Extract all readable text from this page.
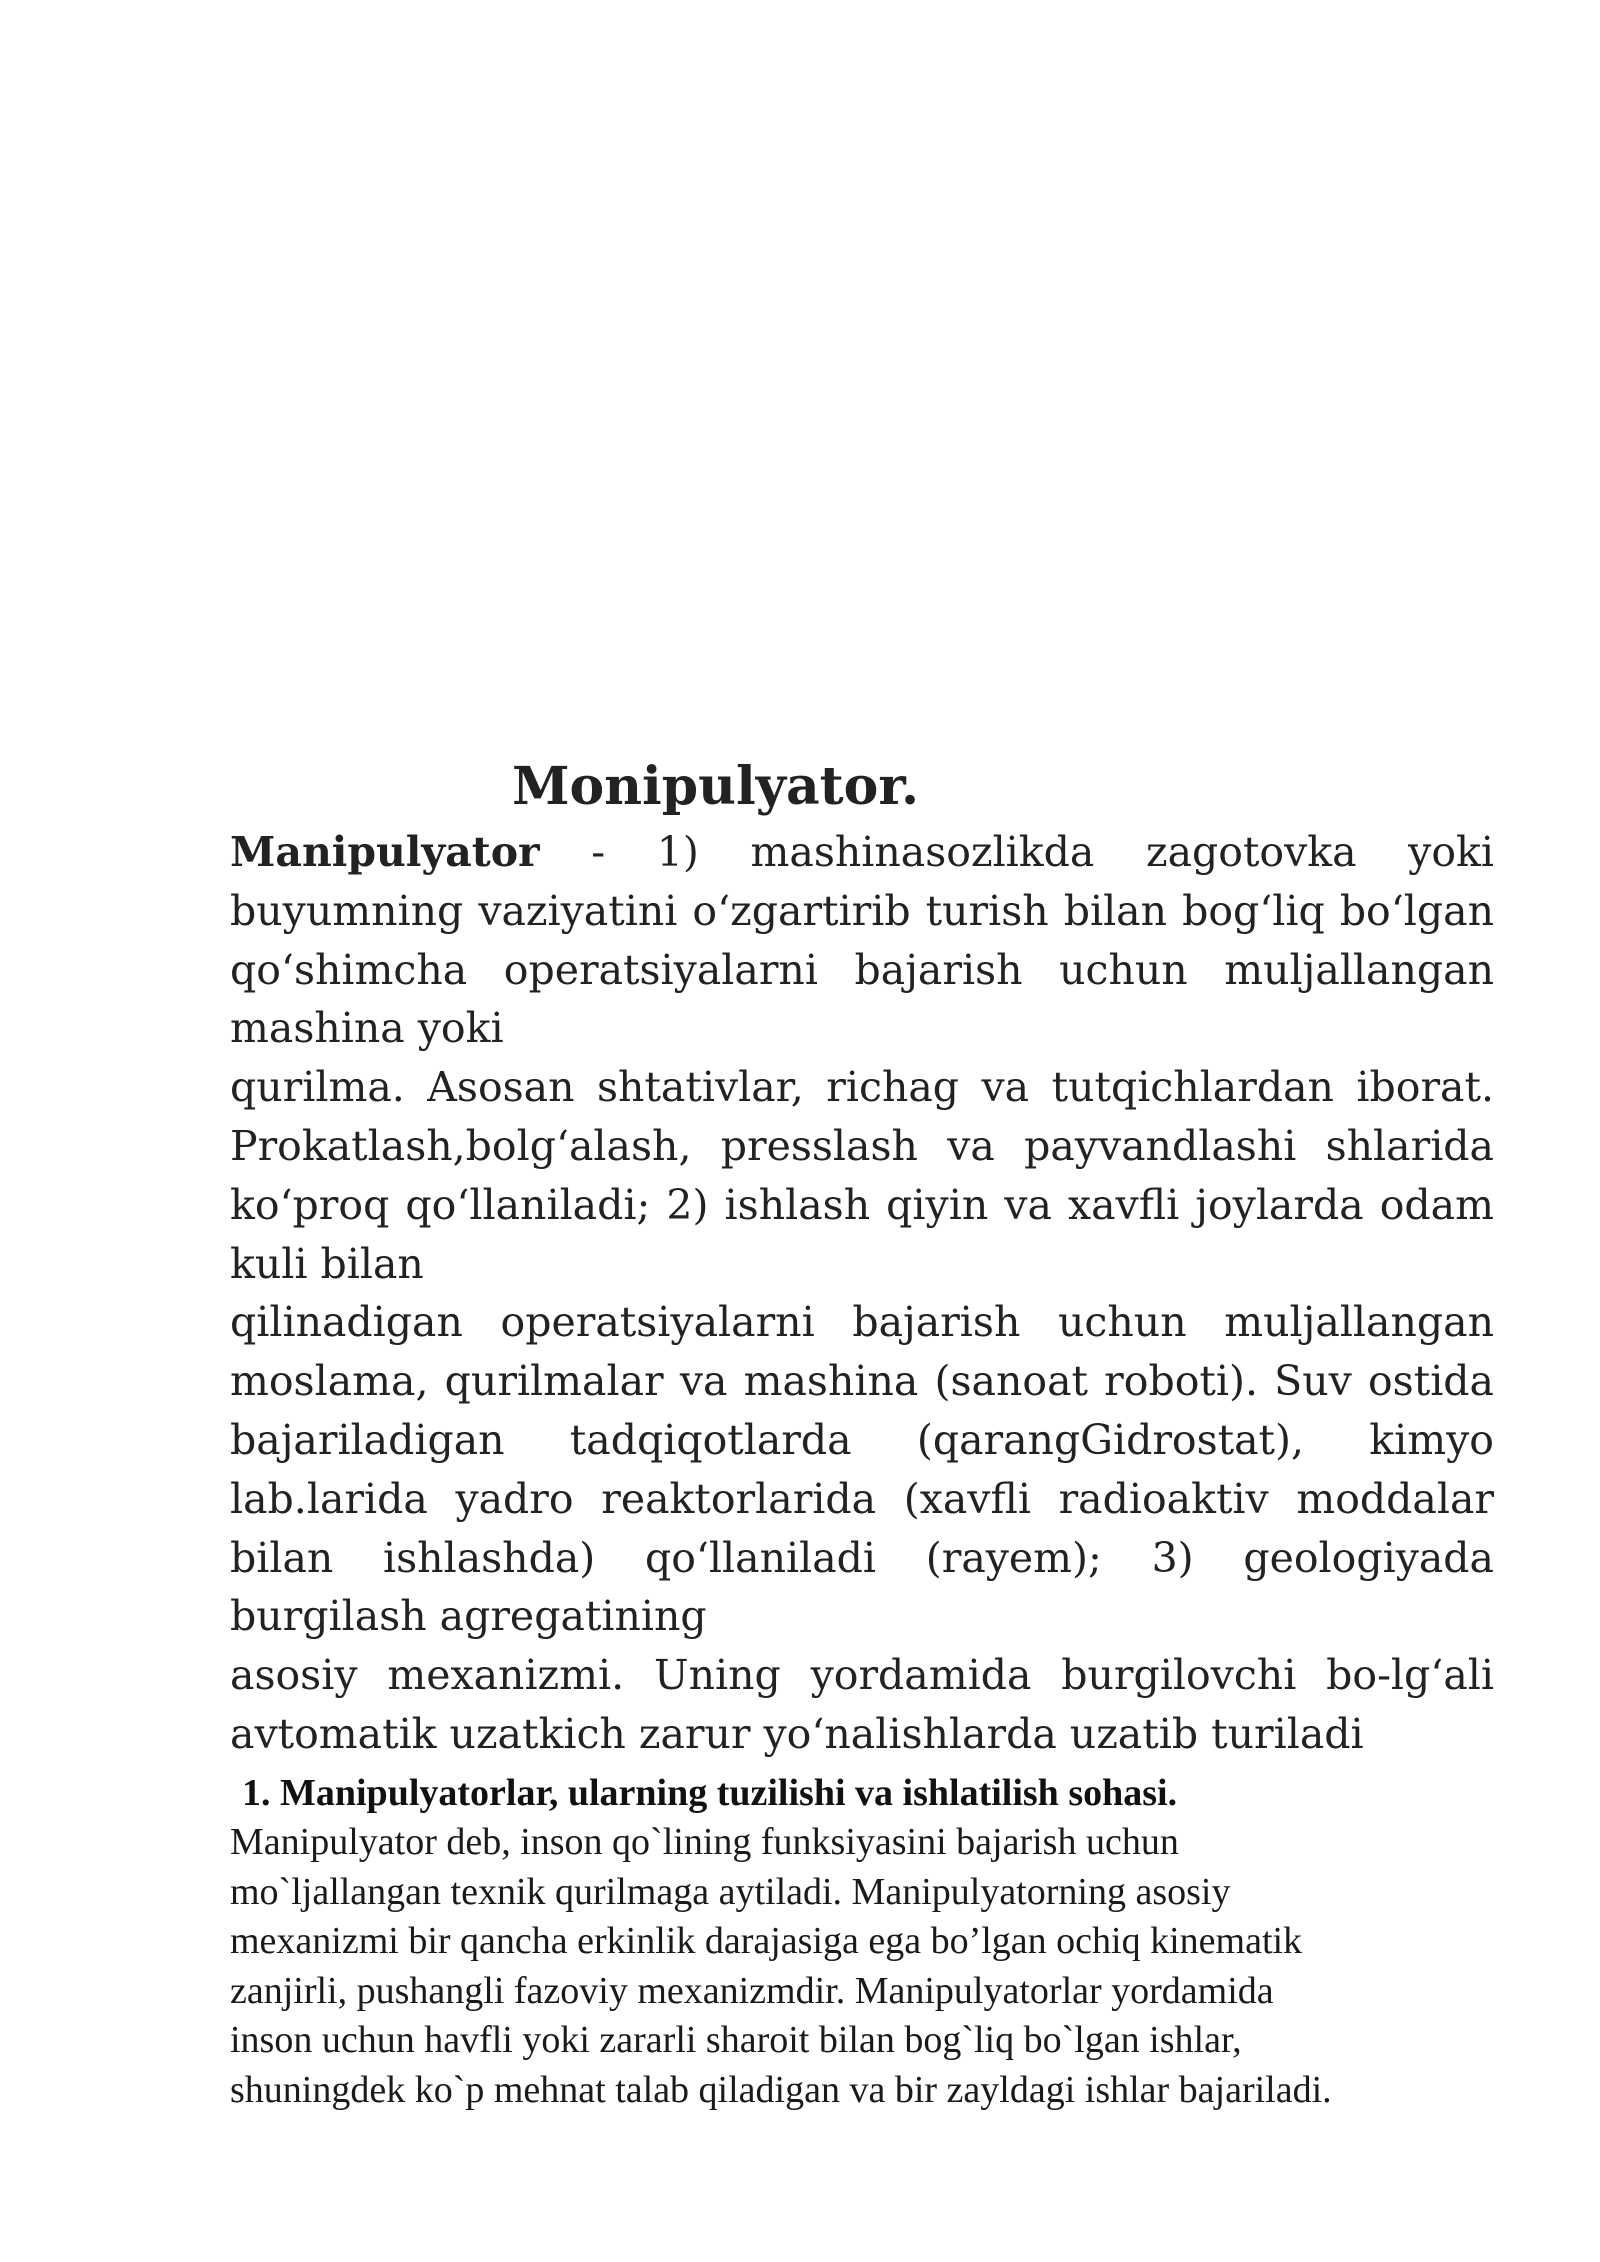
Monipulyator.

Manipulyator - 1) mashinasozlikda zagotovka yoki buyumning vaziyatini o‘zgartirib turish bilan bog‘liq bo‘lgan qo‘shimcha operatsiyalarni bajarish uchun muljallangan mashina yoki

qurilma. Asosan shtativlar, richag va tutqichlardan iborat. Prokatlash,bolg‘alash, presslash va payvandlashi shlarida ko‘proq qo‘llaniladi; 2) ishlash qiyin va xavfli joylarda odam kuli bilan

qilinadigan operatsiyalarni bajarish uchun muljallangan moslama, qurilmalar va mashina (sanoat roboti). Suv ostida bajariladigan tadqiqotlarda (qarangGidrostat), kimyo lab.larida yadro reaktorlarida (xavfli radioaktiv moddalar bilan ishlashda) qo‘llaniladi (rayem); 3) geologiyada burgilash agregatining

asosiy mexanizmi. Uning yordamida burgilovchi bo-lg‘ali avtomatik uzatkich zarur yo‘nalishlarda uzatib turiladi

1. Manipulyatorlar, ularning tuzilishi va ishlatilish sohasi.
Manipulyator deb, inson qo`lining funksiyasini bajarish uchun
mo`ljallangan texnik qurilmaga aytiladi. Manipulyatorning asosiy
mexanizmi bir qancha erkinlik darajasiga ega bo’lgan ochiq kinematik
zanjirli, pushangli fazoviy mexanizmdir. Manipulyatorlar yordamida
inson uchun havfli yoki zararli sharoit bilan bog`liq bo`lgan ishlar,
shuningdek ko`p mehnat talab qiladigan va bir zayldagi ishlar bajariladi.
